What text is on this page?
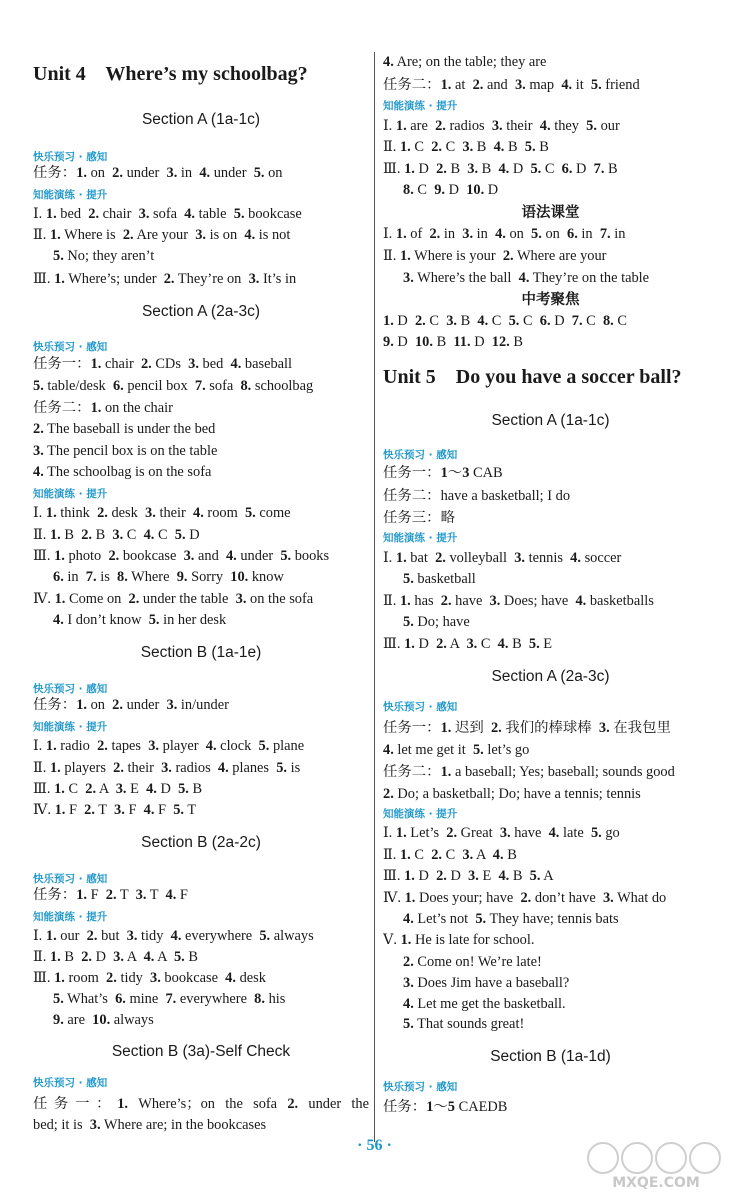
Unit 4    Where’s my schoolbag?
Section A (1a-1c)
快乐预习 · 感知
任务：1. on  2. under  3. in  4. under  5. on
知能演练 · 提升
Ⅰ. 1. bed  2. chair  3. sofa  4. table  5. bookcase
Ⅱ. 1. Where is  2. Are your  3. is on  4. is not
5. No; they aren’t
Ⅲ. 1. Where’s; under  2. They’re on  3. It’s in
Section A (2a-3c)
快乐预习 · 感知
任务一：1. chair  2. CDs  3. bed  4. baseball
5. table/desk  6. pencil box  7. sofa  8. schoolbag
任务二：1. on the chair
2. The baseball is under the bed
3. The pencil box is on the table
4. The schoolbag is on the sofa
知能演练 · 提升
Ⅰ. 1. think  2. desk  3. their  4. room  5. come
Ⅱ. 1. B  2. B  3. C  4. C  5. D
Ⅲ. 1. photo  2. bookcase  3. and  4. under  5. books
6. in  7. is  8. Where  9. Sorry  10. know
Ⅳ. 1. Come on  2. under the table  3. on the sofa
4. I don’t know  5. in her desk
Section B (1a-1e)
快乐预习 · 感知
任务：1. on  2. under  3. in/under
知能演练 · 提升
Ⅰ. 1. radio  2. tapes  3. player  4. clock  5. plane
Ⅱ. 1. players  2. their  3. radios  4. planes  5. is
Ⅲ. 1. C  2. A  3. E  4. D  5. B
Ⅳ. 1. F  2. T  3. F  4. F  5. T
Section B (2a-2c)
快乐预习 · 感知
任务：1. F  2. T  3. T  4. F
知能演练 · 提升
Ⅰ. 1. our  2. but  3. tidy  4. everywhere  5. always
Ⅱ. 1. B  2. D  3. A  4. A  5. B
Ⅲ. 1. room  2. tidy  3. bookcase  4. desk
5. What’s  6. mine  7. everywhere  8. his
9. are  10. always
Section B (3a)-Self Check
快乐预习 · 感知
任务一：1. Where’s；on the sofa 2. under the
bed; it is  3. Where are; in the bookcases
4. Are; on the table; they are
任务二：1. at  2. and  3. map  4. it  5. friend
知能演练 · 提升
Ⅰ. 1. are  2. radios  3. their  4. they  5. our
Ⅱ. 1. C  2. C  3. B  4. B  5. B
Ⅲ. 1. D  2. B  3. B  4. D  5. C  6. D  7. B
8. C  9. D  10. D
语法课堂
Ⅰ. 1. of  2. in  3. in  4. on  5. on  6. in  7. in
Ⅱ. 1. Where is your  2. Where are your
3. Where’s the ball  4. They’re on the table
中考聚焦
1. D  2. C  3. B  4. C  5. C  6. D  7. C  8. C
9. D  10. B  11. D  12. B
Unit 5    Do you have a soccer ball?
Section A (1a-1c)
快乐预习 · 感知
任务一：1～3 CAB
任务二：have a basketball; I do
任务三：略
知能演练 · 提升
Ⅰ. 1. bat  2. volleyball  3. tennis  4. soccer
5. basketball
Ⅱ. 1. has  2. have  3. Does; have  4. basketballs
5. Do; have
Ⅲ. 1. D  2. A  3. C  4. B  5. E
Section A (2a-3c)
快乐预习 · 感知
任务一：1. 迟到  2. 我们的棒球棒  3. 在我包里
4. let me get it  5. let’s go
任务二：1. a baseball; Yes; baseball; sounds good
2. Do; a basketball; Do; have a tennis; tennis
知能演练 · 提升
Ⅰ. 1. Let’s  2. Great  3. have  4. late  5. go
Ⅱ. 1. C  2. C  3. A  4. B
Ⅲ. 1. D  2. D  3. E  4. B  5. A
Ⅳ. 1. Does your; have  2. don’t have  3. What do
4. Let’s not  5. They have; tennis bats
Ⅴ. 1. He is late for school.
2. Come on! We’re late!
3. Does Jim have a baseball?
4. Let me get the basketball.
5. That sounds great!
Section B (1a-1d)
快乐预习 · 感知
任务：1～5 CAEDB
· 56 ·
MXQE.COM
